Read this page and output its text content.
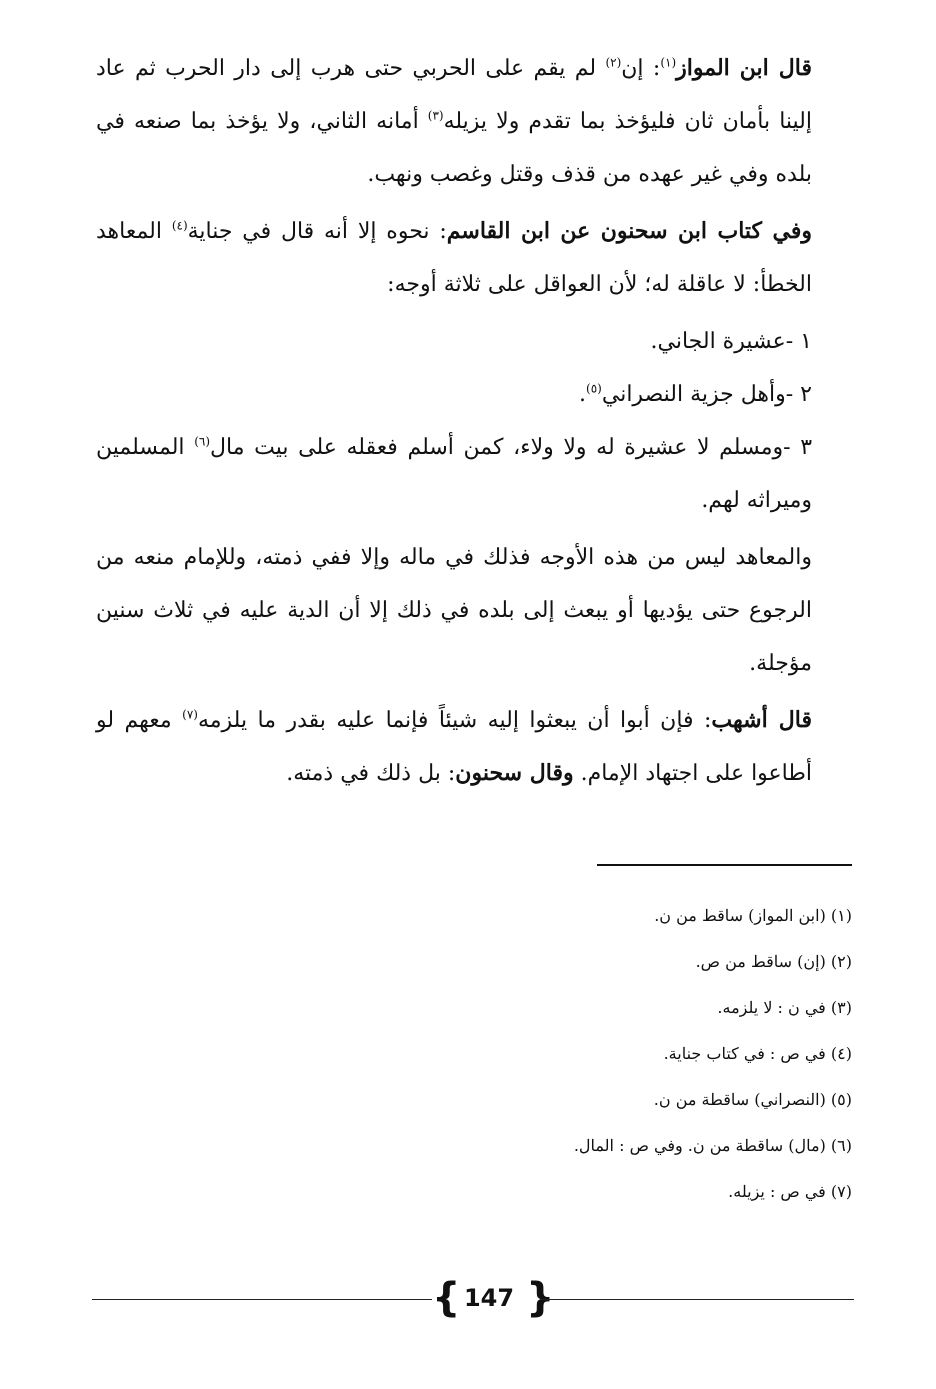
قال ابن المواز$^{(١)}$: إن$^{(٢)}$ لم يقم على الحربي حتى هرب إلى دار الحرب ثم عاد إلينا بأمان ثان فليؤخذ بما تقدم ولا يزيله$^{(٣)}$ أمانه الثاني، ولا يؤخذ بما صنعه في بلده وفي غير عهده من قذف وقتل وغصب ونهب.

وفي كتاب ابن سحنون عن ابن القاسم: نحوه إلا أنه قال في جناية$^{(٤)}$ المعاهد الخطأ: لا عاقلة له؛ لأن العواقل على ثلاثة أوجه:

١ -عشيرة الجاني.

٢ -وأهل جزية النصراني$^{(٥)}$.

٣ -ومسلم لا عشيرة له ولا ولاء، كمن أسلم فعقله على بيت مال$^{(٦)}$ المسلمين وميراثه لهم.

والمعاهد ليس من هذه الأوجه فذلك في ماله وإلا ففي ذمته، وللإمام منعه من الرجوع حتى يؤديها أو يبعث إلى بلده في ذلك إلا أن الدية عليه في ثلاث سنين مؤجلة.

قال أشهب: فإن أبوا أن يبعثوا إليه شيئاً فإنما عليه بقدر ما يلزمه$^{(٧)}$ معهم لو أطاعوا على اجتهاد الإمام. وقال سحنون: بل ذلك في ذمته.

(١) (ابن المواز) ساقط من ن.
(٢) (إن) ساقط من ص.
(٣) في ن : لا يلزمه.
(٤) في ص : في كتاب جناية.
(٥) (النصراني) ساقطة من ن.
(٦) (مال) ساقطة من ن. وفي ص : المال.
(٧) في ص : يزيله.
{ 147 }
